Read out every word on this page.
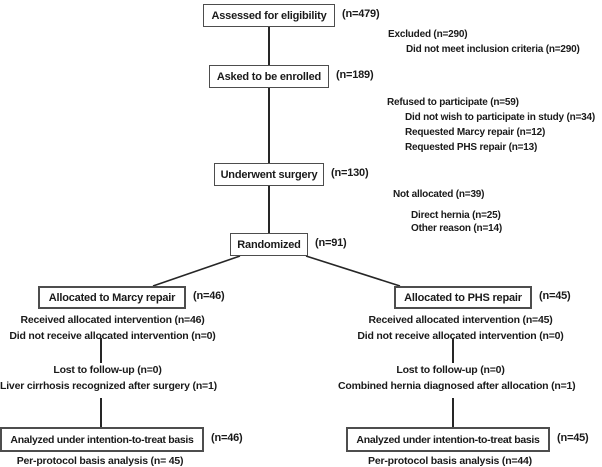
Assessed for eligibility (n=479)
Asked to be enrolled (n=189)
Underwent surgery (n=130)
Randomized (n=91)
Excluded (n=290)
Did not meet inclusion criteria (n=290)
Refused to participate (n=59)
Did not wish to participate in study (n=34)
Requested Marcy repair (n=12)
Requested PHS repair (n=13)
Not allocated (n=39)
Direct hernia (n=25)
Other reason (n=14)
Allocated to Marcy repair (n=46)
Received allocated intervention (n=46)
Did not receive allocated intervention (n=0)
Lost to follow-up (n=0)
Liver cirrhosis recognized after surgery (n=1)
Analyzed under intention-to-treat basis (n=46)
Per-protocol basis analysis (n= 45)
Allocated to PHS repair (n=45)
Received allocated intervention (n=45)
Did not receive allocated intervention (n=0)
Lost to follow-up (n=0)
Combined hernia diagnosed after allocation (n=1)
Analyzed under intention-to-treat basis (n=45)
Per-protocol basis analysis (n=44)
